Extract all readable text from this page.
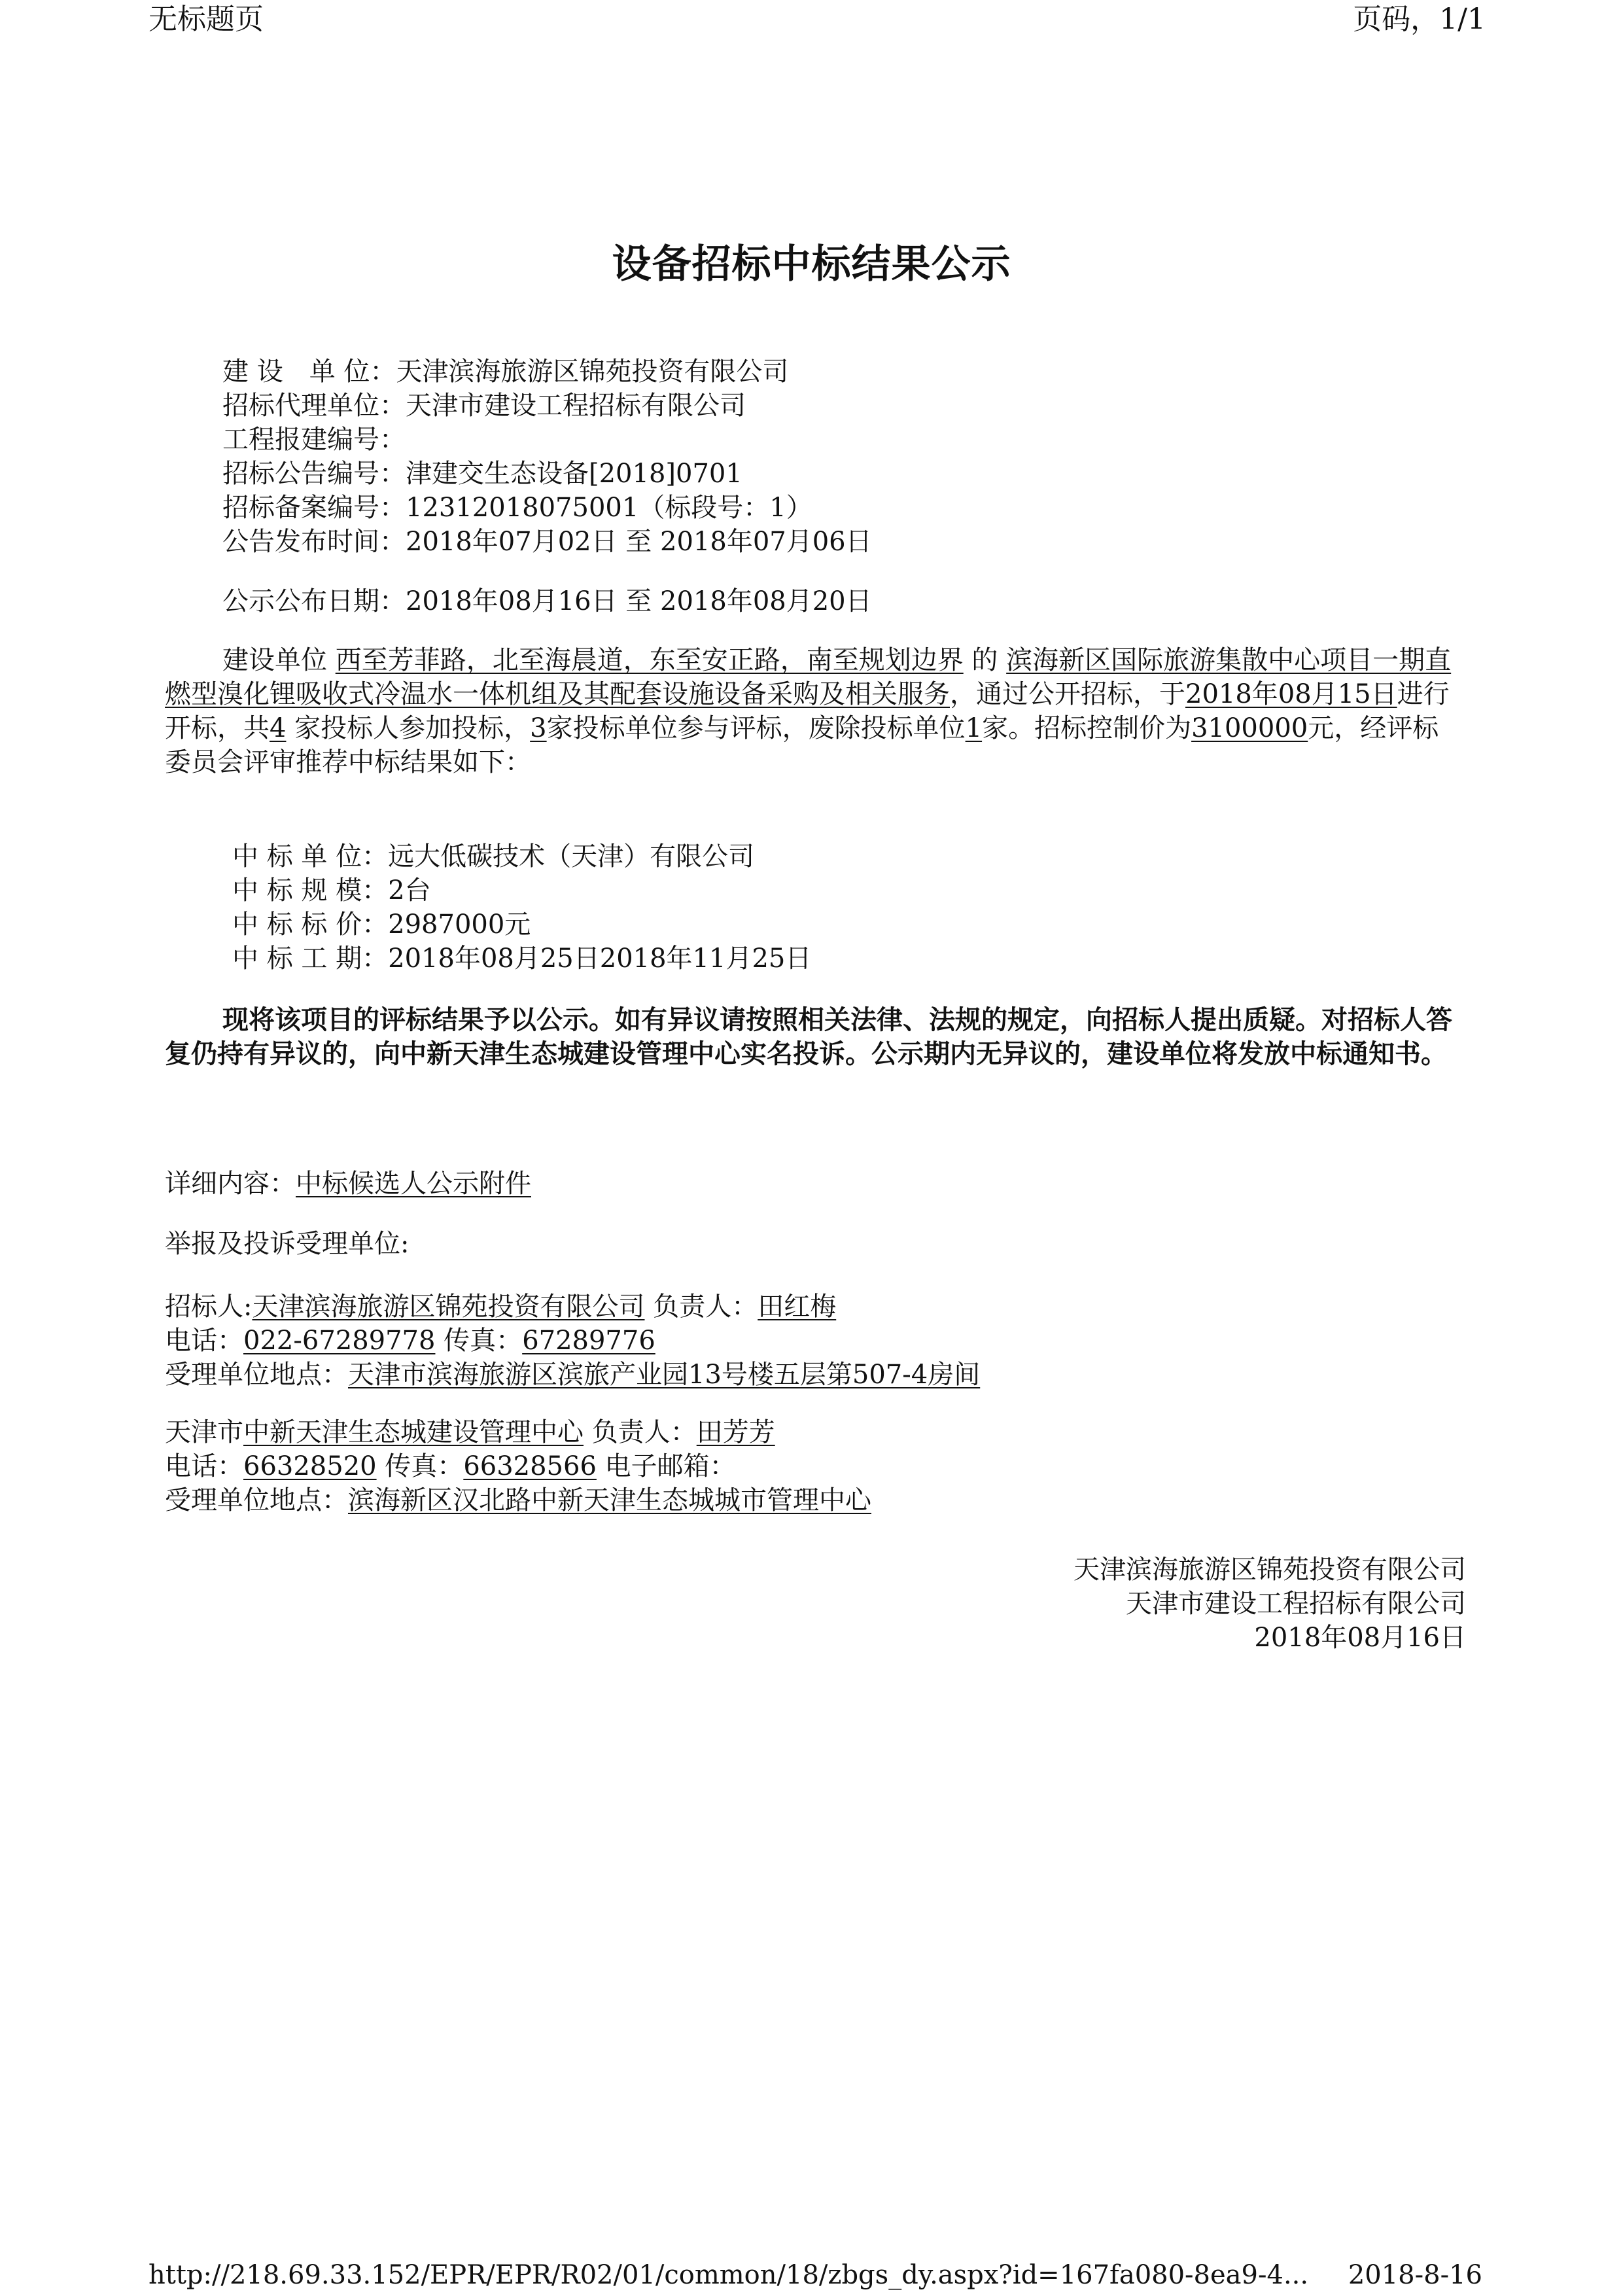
无标题页	页码，1/1
设备招标中标结果公示
建 设　单 位：天津滨海旅游区锦苑投资有限公司
招标代理单位：天津市建设工程招标有限公司
工程报建编号：
招标公告编号：津建交生态设备[2018]0701
招标备案编号：12312018075001（标段号：1）
公告发布时间：2018年07月02日 至 2018年07月06日
公示公布日期：2018年08月16日 至 2018年08月20日
建设单位 西至芳菲路，北至海晨道，东至安正路，南至规划边界 的 滨海新区国际旅游集散中心项目一期直燃型溴化锂吸收式冷温水一体机组及其配套设施设备采购及相关服务，通过公开招标，于2018年08月15日进行开标，共4 家投标人参加投标，3家投标单位参与评标，废除投标单位1家。招标控制价为3100000元，经评标委员会评审推荐中标结果如下：
中 标 单 位：远大低碳技术（天津）有限公司
中 标 规 模：2台
中 标 标 价：2987000元
中 标 工 期：2018年08月25日2018年11月25日
现将该项目的评标结果予以公示。如有异议请按照相关法律、法规的规定，向招标人提出质疑。对招标人答复仍持有异议的，向中新天津生态城建设管理中心实名投诉。公示期内无异议的，建设单位将发放中标通知书。
详细内容：中标候选人公示附件
举报及投诉受理单位:
招标人:天津滨海旅游区锦苑投资有限公司 负责人：田红梅
电话：022-67289778 传真：67289776
受理单位地点：天津市滨海旅游区滨旅产业园13号楼五层第507-4房间
天津市中新天津生态城建设管理中心 负责人：田芳芳
电话：66328520 传真：66328566 电子邮箱：
受理单位地点：滨海新区汉北路中新天津生态城城市管理中心
天津滨海旅游区锦苑投资有限公司
天津市建设工程招标有限公司
2018年08月16日
http://218.69.33.152/EPR/EPR/R02/01/common/18/zbgs_dy.aspx?id=167fa080-8ea9-4... 2018-8-16
